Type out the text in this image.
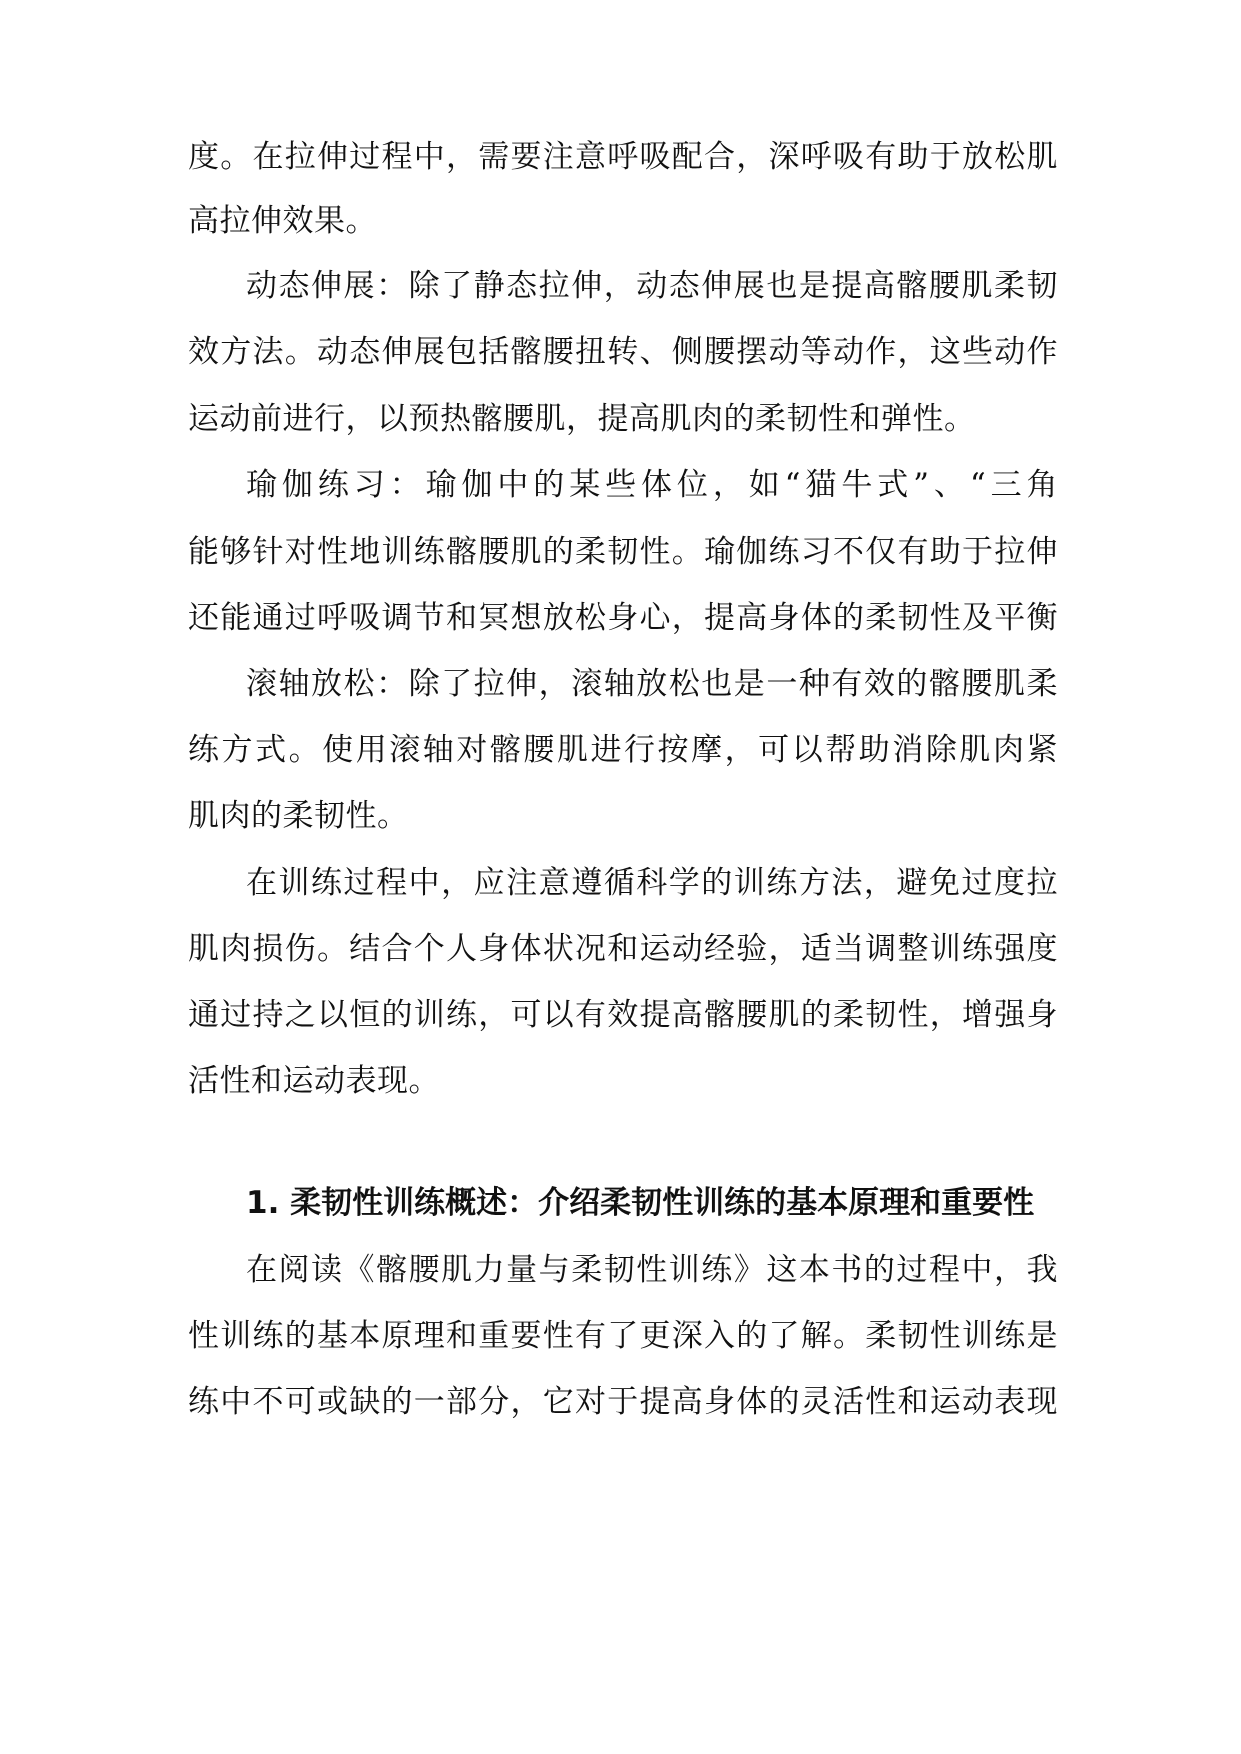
度。在拉伸过程中，需要注意呼吸配合，深呼吸有助于放松肌
高拉伸效果。
动态伸展：除了静态拉伸，动态伸展也是提高髂腰肌柔韧
效方法。动态伸展包括髂腰扭转、侧腰摆动等动作，这些动作
运动前进行，以预热髂腰肌，提高肌肉的柔韧性和弹性。
瑜伽练习：瑜伽中的某些体位，如“猫牛式”、“三角
能够针对性地训练髂腰肌的柔韧性。瑜伽练习不仅有助于拉伸
还能通过呼吸调节和冥想放松身心，提高身体的柔韧性及平衡
滚轴放松：除了拉伸，滚轴放松也是一种有效的髂腰肌柔
练方式。使用滚轴对髂腰肌进行按摩，可以帮助消除肌肉紧
肌肉的柔韧性。
在训练过程中，应注意遵循科学的训练方法，避免过度拉
肌肉损伤。结合个人身体状况和运动经验，适当调整训练强度
通过持之以恒的训练，可以有效提高髂腰肌的柔韧性，增强身
活性和运动表现。
1. 柔韧性训练概述：介绍柔韧性训练的基本原理和重要性
在阅读《髂腰肌力量与柔韧性训练》这本书的过程中，我
性训练的基本原理和重要性有了更深入的了解。柔韧性训练是
练中不可或缺的一部分，它对于提高身体的灵活性和运动表现
